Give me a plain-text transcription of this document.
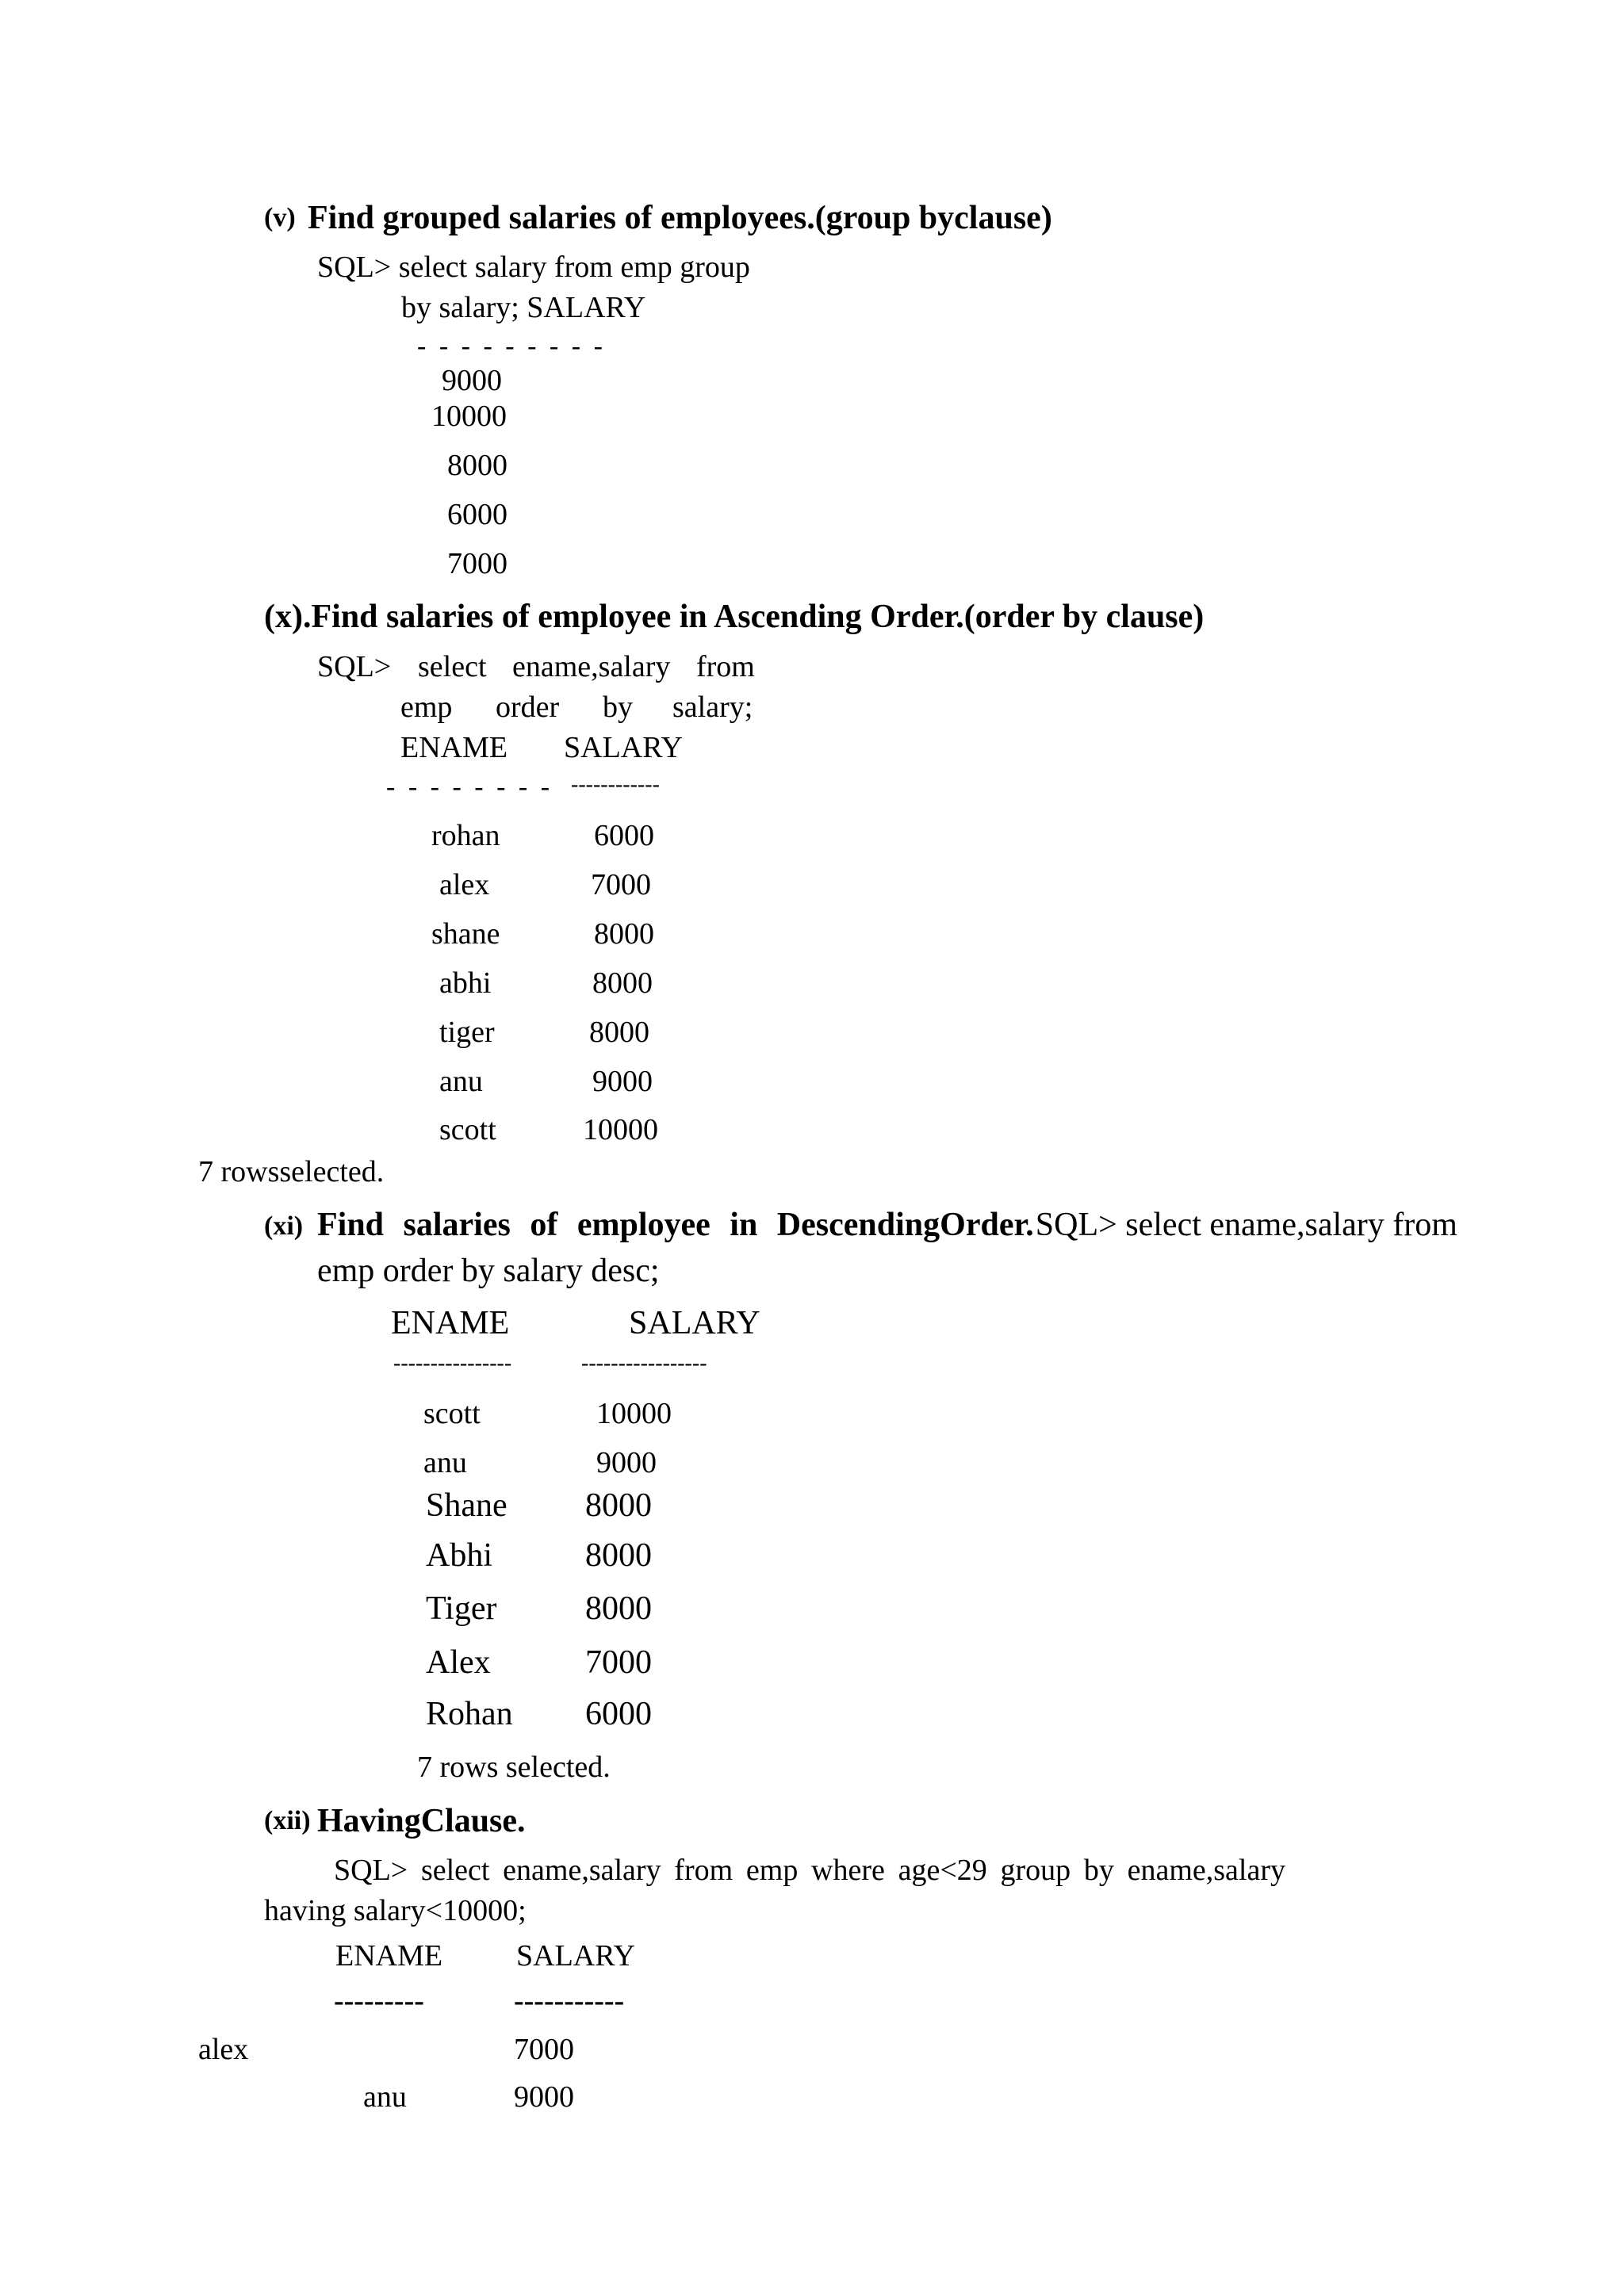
(v) Find grouped salaries of employees.(group byclause)
SQL> select salary from emp group
by salary; SALARY
- - - - - - - - -
9000
10000
8000
6000
7000
(x).Find salaries of employee in Ascending Order.(order by clause)
SQL> select ename,salary from
emp order by salary;
ENAME SALARY
- - - - - - - - ------------
rohan	6000
alex	7000
shane	8000
abhi	8000
tiger	8000
anu	9000
scott	10000
7 rowsselected.
(xi) Find salaries of employee in DescendingOrder. SQL> select ename,salary from
emp order by salary desc;
ENAME	SALARY
----------------	-----------------
scott	10000
anu	9000
Shane 8000
Abhi	8000
Tiger	8000
Alex	7000
Rohan 6000
7 rows selected.
(xii) HavingClause.
SQL> select ename,salary from emp where age<29 group by ename,salary
having salary<10000;
ENAME SALARY
---------	-----------
alex	7000
anu	9000
